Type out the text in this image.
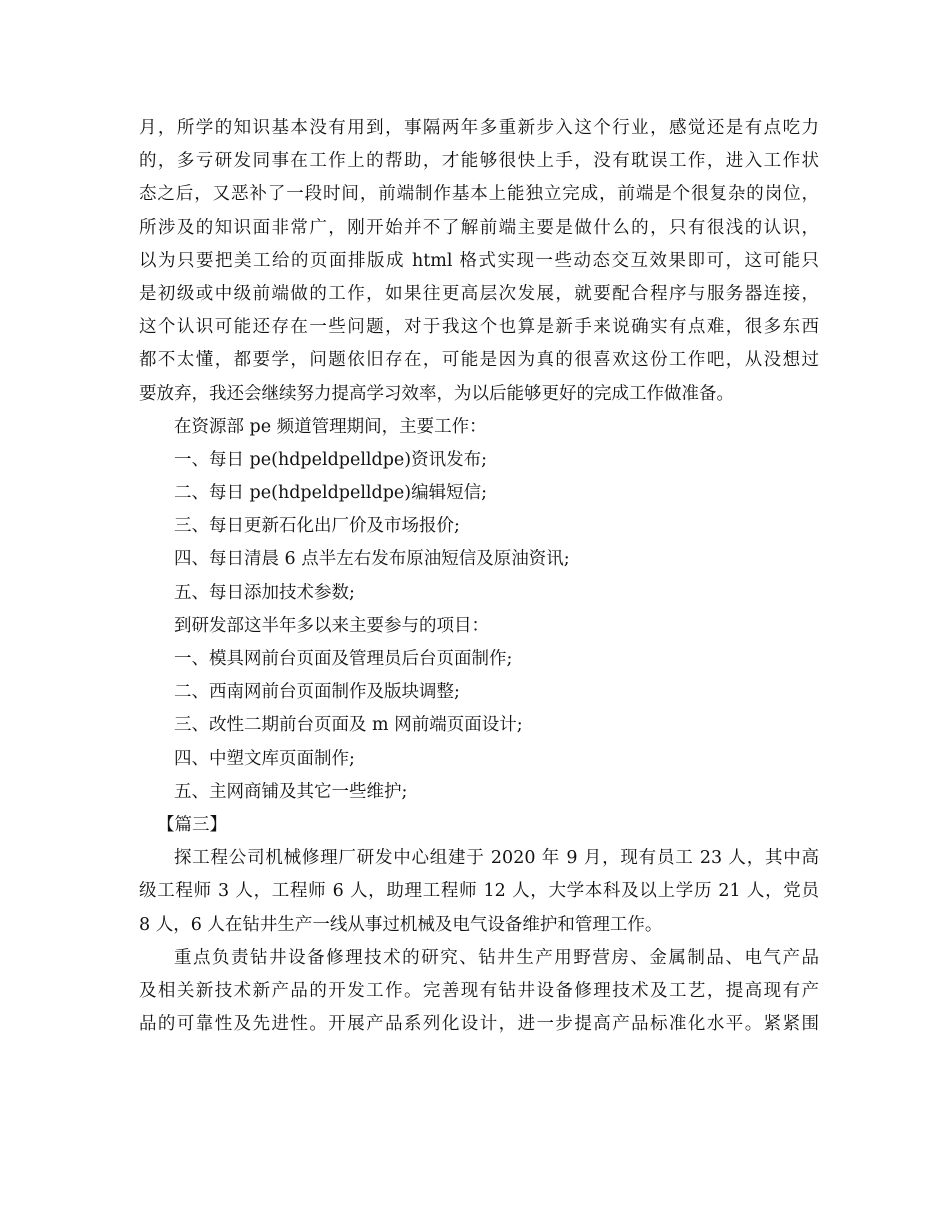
月，所学的知识基本没有用到，事隔两年多重新步入这个行业，感觉还是有点吃力
的，多亏研发同事在工作上的帮助，才能够很快上手，没有耽误工作，进入工作状
态之后，又恶补了一段时间，前端制作基本上能独立完成，前端是个很复杂的岗位，
所涉及的知识面非常广，刚开始并不了解前端主要是做什么的，只有很浅的认识，
以为只要把美工给的页面排版成 html 格式实现一些动态交互效果即可，这可能只
是初级或中级前端做的工作，如果往更高层次发展，就要配合程序与服务器连接，
这个认识可能还存在一些问题，对于我这个也算是新手来说确实有点难，很多东西
都不太懂，都要学，问题依旧存在，可能是因为真的很喜欢这份工作吧，从没想过
要放弃，我还会继续努力提高学习效率，为以后能够更好的完成工作做准备。
在资源部 pe 频道管理期间，主要工作：
一、每日 pe(hdpeldpelldpe)资讯发布;
二、每日 pe(hdpeldpelldpe)编辑短信;
三、每日更新石化出厂价及市场报价;
四、每日清晨 6 点半左右发布原油短信及原油资讯;
五、每日添加技术参数;
到研发部这半年多以来主要参与的项目：
一、模具网前台页面及管理员后台页面制作;
二、西南网前台页面制作及版块调整;
三、改性二期前台页面及 m 网前端页面设计;
四、中塑文库页面制作;
五、主网商铺及其它一些维护;
【篇三】
探工程公司机械修理厂研发中心组建于 2020 年 9 月，现有员工 23 人，其中高
级工程师 3 人，工程师 6 人，助理工程师 12 人，大学本科及以上学历 21 人，党员
8 人，6 人在钻井生产一线从事过机械及电气设备维护和管理工作。
重点负责钻井设备修理技术的研究、钻井生产用野营房、金属制品、电气产品
及相关新技术新产品的开发工作。完善现有钻井设备修理技术及工艺，提高现有产
品的可靠性及先进性。开展产品系列化设计，进一步提高产品标准化水平。紧紧围
